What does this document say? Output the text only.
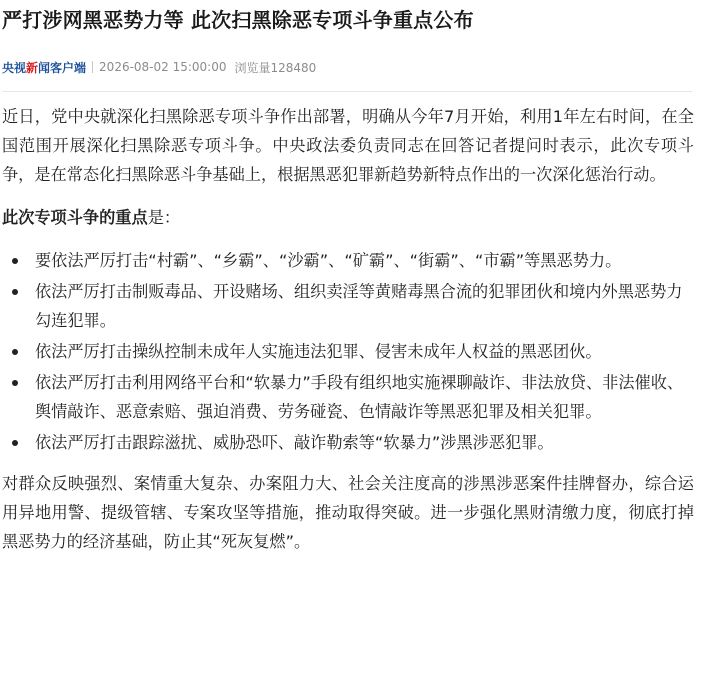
严打涉网黑恶势力等 此次扫黑除恶专项斗争重点公布
央视新闻客户端 2026-08-02 15:00:00 浏览量128480

近日，党中央就深化扫黑除恶专项斗争作出部署，明确从今年7月开始，利用1年左右时间，在全国范围开展深化扫黑除恶专项斗争。中央政法委负责同志在回答记者提问时表示，此次专项斗争，是在常态化扫黑除恶斗争基础上，根据黑恶犯罪新趋势新特点作出的一次深化惩治行动。

此次专项斗争的重点是：

要依法严厉打击“村霸”、“乡霸”、“沙霸”、“矿霸”、“街霸”、“市霸”等黑恶势力。
依法严厉打击制贩毒品、开设赌场、组织卖淫等黄赌毒黑合流的犯罪团伙和境内外黑恶势力勾连犯罪。
依法严厉打击操纵控制未成年人实施违法犯罪、侵害未成年人权益的黑恶团伙。
依法严厉打击利用网络平台和“软暴力”手段有组织地实施裸聊敲诈、非法放贷、非法催收、舆情敲诈、恶意索赔、强迫消费、劳务碰瓷、色情敲诈等黑恶犯罪及相关犯罪。
依法严厉打击跟踪滋扰、威胁恐吓、敲诈勒索等“软暴力”涉黑涉恶犯罪。

对群众反映强烈、案情重大复杂、办案阻力大、社会关注度高的涉黑涉恶案件挂牌督办，综合运用异地用警、提级管辖、专案攻坚等措施，推动取得突破。进一步强化黑财清缴力度，彻底打掉黑恶势力的经济基础，防止其“死灰复燃”。
